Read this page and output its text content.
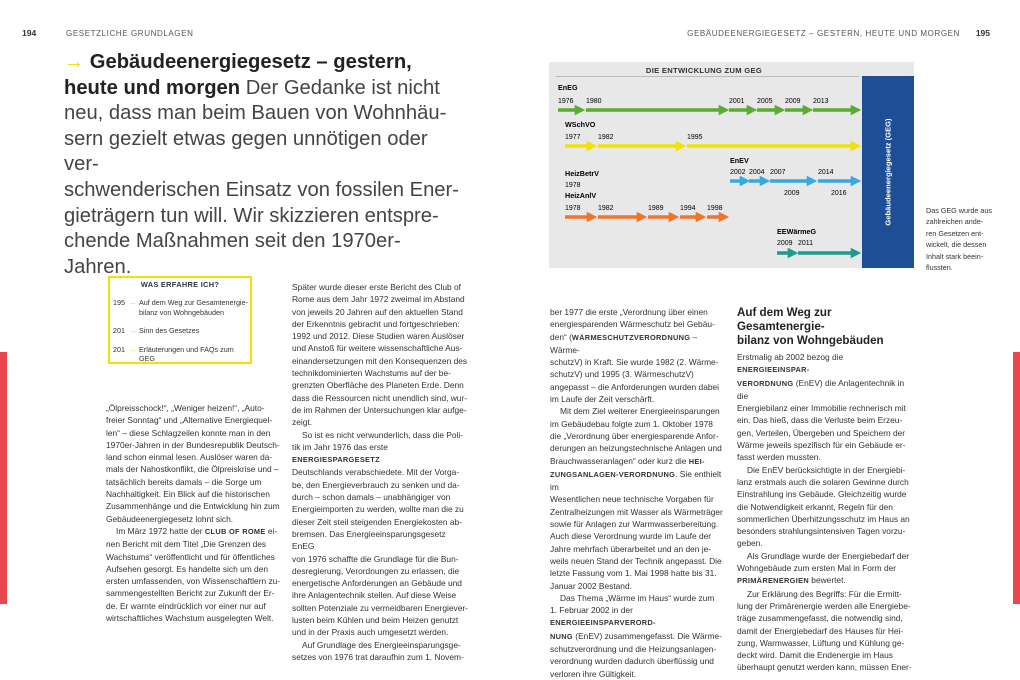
194	GESETZLICHE GRUNDLAGEN	GEBÄUDEENERGIEGESETZ – GESTERN, HEUTE UND MORGEN 195
→ Gebäudeenergiegesetz – gestern,
heute und morgen Der Gedanke ist nicht
neu, dass man beim Bauen von Wohnhäu-
sern gezielt etwas gegen unnötigen oder ver-
schwenderischen Einsatz von fossilen Ener-
gieträgern tun will. Wir skizzieren entspre-
chende Maßnahmen seit den 1970er-Jahren.
WAS ERFAHRE ICH?
195 → Auf dem Weg zur Gesamtenergie-
bilanz von Wohngebäuden
201 → Sinn des Gesetzes
201 → Erläuterungen und FAQs zum GEG

„Ölpreisschock!“, „Weniger heizen!“, „Auto-

freier Sonntag“ und „Alternative Energiequel-

len“ – diese Schlagzeilen konnte man in den

1970er-Jahren in der Bundesrepublik Deutsch-

land schon einmal lesen. Auslöser waren da-

mals der Nahostkonflikt, die Ölpreiskrise und –

tatsächlich bereits damals – die Sorge um

Nachhaltigkeit. Ein Blick auf die historischen

Zusammenhänge und die Entwicklung hin zum

Gebäudeenergiegesetz lohnt sich.

Im März 1972 hatte der CLUB OF ROME ei-

nen Bericht mit dem Titel „Die Grenzen des

Wachstums“ veröffentlicht und für öffentliches

Aufsehen gesorgt. Es handelte sich um den

ersten umfassenden, von Wissenschaftlern zu-

sammengestellten Bericht zur Zukunft der Er-

de. Er warnte eindrücklich vor einer nur auf

wirtschaftliches Wachstum ausgelegten Welt.

Später wurde dieser erste Bericht des Club of

Rome aus dem Jahr 1972 zweimal im Abstand

von jeweils 20 Jahren auf den aktuellen Stand

der Erkenntnis gebracht und fortgeschrieben:

1992 und 2012. Diese Studien waren Auslöser

und Anstoß für weitere wissenschaftliche Aus-

einandersetzungen mit den Konsequenzen des

technikdominierten Wachstums auf der be-

grenzten Oberfläche des Planeten Erde. Denn

dass die Ressourcen nicht unendlich sind, wur-

de im Rahmen der Untersuchungen klar aufge-

zeigt.

So ist es nicht verwunderlich, dass die Poli-

tik im Jahr 1976 das erste ENERGIESPARGESETZ

Deutschlands verabschiedete. Mit der Vorga-

be, den Energieverbrauch zu senken und da-

durch – schon damals – unabhängiger von

Energieimporten zu werden, wollte man die zu

dieser Zeit steil steigenden Energiekosten ab-

bremsen. Das Energieeinsparungsgesetz EnEG

von 1976 schaffte die Grundlage für die Bun-

desregierung, Verordnungen zu erlassen, die

energetische Anforderungen an Gebäude und

ihre Anlagentechnik stellen. Auf diese Weise

sollten Potenziale zu vermeidbaren Energiever-

lusten beim Kühlen und beim Heizen genutzt

und in der Praxis auch umgesetzt werden.

Auf Grundlage des Energieeinsparungsge-

setzes von 1976 trat daraufhin zum 1. Novem-

ber 1977 die erste „Verordnung über einen

energiesparenden Wärmeschutz bei Gebäu-

den“ (WÄRMESCHUTZVERORDNUNG – Wärme-

schutzV) in Kraft. Sie wurde 1982 (2. Wärme-

schutzV) und 1995 (3. WärmeschutzV)

angepasst – die Anforderungen wurden dabei

im Laufe der Zeit verschärft.

Mit dem Ziel weiterer Energieeinsparungen

im Gebäudebau folgte zum 1. Oktober 1978

die „Verordnung über energiesparende Anfor-

derungen an heizungstechnische Anlagen und

Brauchwasseranlagen“ oder kurz die HEI-

ZUNGSANLAGEN-VERORDNUNG. Sie enthielt im

Wesentlichen neue technische Vorgaben für

Zentralheizungen mit Wasser als Wärmeträger

sowie für Anlagen zur Warmwasserbereitung.

Auch diese Verordnung wurde im Laufe der

Jahre mehrfach überarbeitet und an den je-

weils neuen Stand der Technik angepasst. Die

letzte Fassung vom 1. Mai 1998 hatte bis 31.

Januar 2002 Bestand.

Das Thema „Wärme im Haus“ wurde zum

1. Februar 2002 in der ENERGIEEINSPARVERORD-

NUNG (EnEV) zusammengefasst. Die Wärme-

schutzverordnung und die Heizungsanlagen-

verordnung wurden dadurch überflüssig und

verloren ihre Gültigkeit.

Auf dem Weg zur Gesamtenergie-
bilanz von Wohngebäuden

Erstmalig ab 2002 bezog die ENERGIEEINSPAR-

VERORDNUNG (EnEV) die Anlagentechnik in die

Energiebilanz einer Immobilie rechnerisch mit

ein. Das hieß, dass die Verluste beim Erzeu-

gen, Verteilen, Übergeben und Speichern der

Wärme jeweils spezifisch für ein Gebäude er-

fasst werden mussten.

Die EnEV berücksichtigte in der Energiebi-

lanz erstmals auch die solaren Gewinne durch

Einstrahlung ins Gebäude. Gleichzeitig wurde

die Notwendigkeit erkannt, Regeln für den

sommerlichen Überhitzungsschutz im Haus an

besonders strahlungsintensiven Tagen vorzu-

geben.

Als Grundlage wurde der Energiebedarf der

Wohngebäude zum ersten Mal in Form der

PRIMÄRENERGIEN bewertet.

Zur Erklärung des Begriffs: Für die Ermitt-

lung der Primärenergie werden alle Energiebe-

träge zusammengefasst, die notwendig sind,

damit der Energiebedarf des Hauses für Hei-

zung, Warmwasser, Lüftung und Kühlung ge-

deckt wird. Damit die Endenergie im Haus

überhaupt genutzt werden kann, müssen Ener-

Das GEG wurde aus
zahlreichen ande-
ren Gesetzen ent-
wickelt, die dessen
Inhalt stark beein-
flussten.
DIE ENTWICKLUNG ZUM GEG
Gebäudeenergiegesetz (GEG)
EnEG
1976 1980	2001 2005 2009 2013
WSchVO
1977 1982	1995
EnEV
2002 2004 2007	2014
2009	2016
HeizBetrV
1978
HeizAnlV
1978 1982	1989 1994 1998
EEWärmeG
2009 2011
